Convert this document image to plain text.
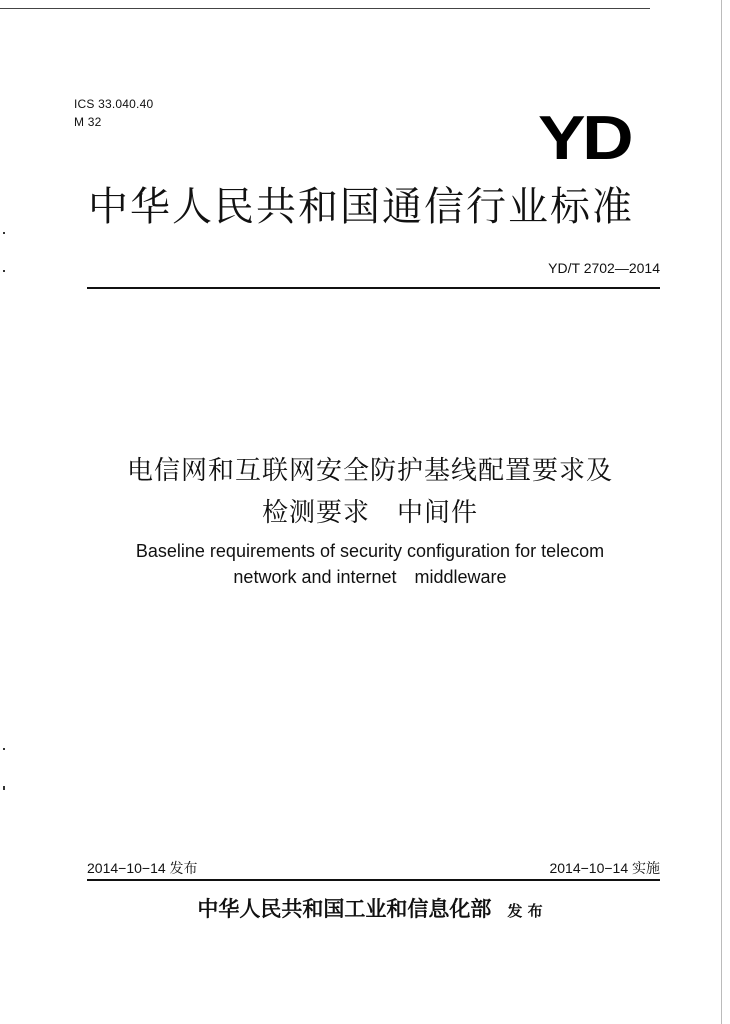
ICS 33.040.40
M 32	YD
中华人民共和国通信行业标准
YD/T 2702—2014
电信网和互联网安全防护基线配置要求及
检测要求　中间件
Baseline requirements of security configuration for telecom
network and internet　middleware
2014−10−14 发布	2014−10−14 实施
中华人民共和国工业和信息化部 发 布
